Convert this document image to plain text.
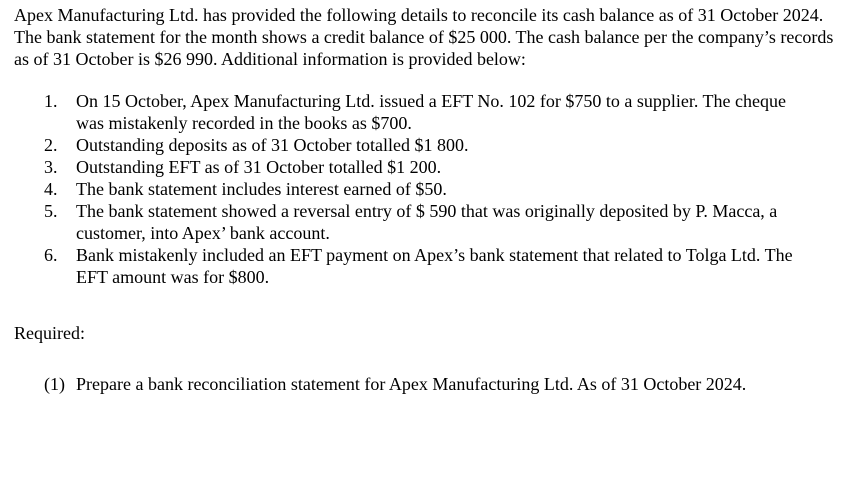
Apex Manufacturing Ltd. has provided the following details to reconcile its cash balance as of 31 October 2024. The bank statement for the month shows a credit balance of $25 000. The cash balance per the company’s records as of 31 October is $26 990. Additional information is provided below:

1. On 15 October, Apex Manufacturing Ltd. issued a EFT No. 102 for $750 to a supplier. The cheque was mistakenly recorded in the books as $700.
2. Outstanding deposits as of 31 October totalled $1 800.
3. Outstanding EFT as of 31 October totalled $1 200.
4. The bank statement includes interest earned of $50.
5. The bank statement showed a reversal entry of $ 590 that was originally deposited by P. Macca, a customer, into Apex’ bank account.
6. Bank mistakenly included an EFT payment on Apex’s bank statement that related to Tolga Ltd. The EFT amount was for $800.

Required:

(1) Prepare a bank reconciliation statement for Apex Manufacturing Ltd. As of 31 October 2024.
